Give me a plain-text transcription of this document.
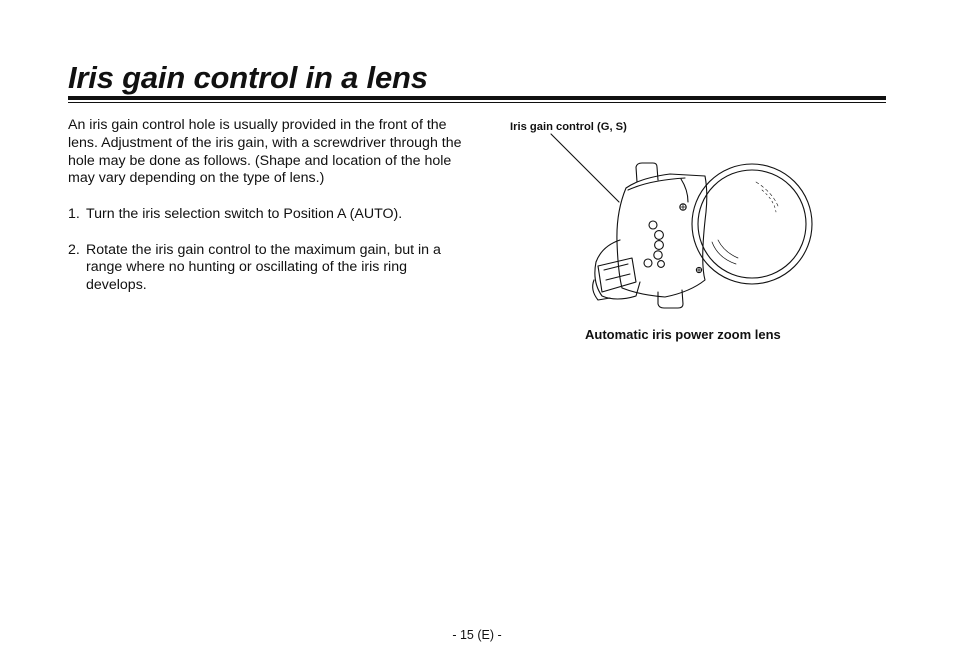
Iris gain control in a lens

An iris gain control hole is usually provided in the front of the lens. Adjustment of the iris gain, with a screwdriver through the hole may be done as follows. (Shape and location of the hole may vary depending on the type of lens.)

1. Turn the iris selection switch to Position A (AUTO).
2. Rotate the iris gain control to the maximum gain, but in a range where no hunting or oscillating of the iris ring develops.
Iris gain control (G, S)
Automatic iris power zoom lens
- 15 (E) -
